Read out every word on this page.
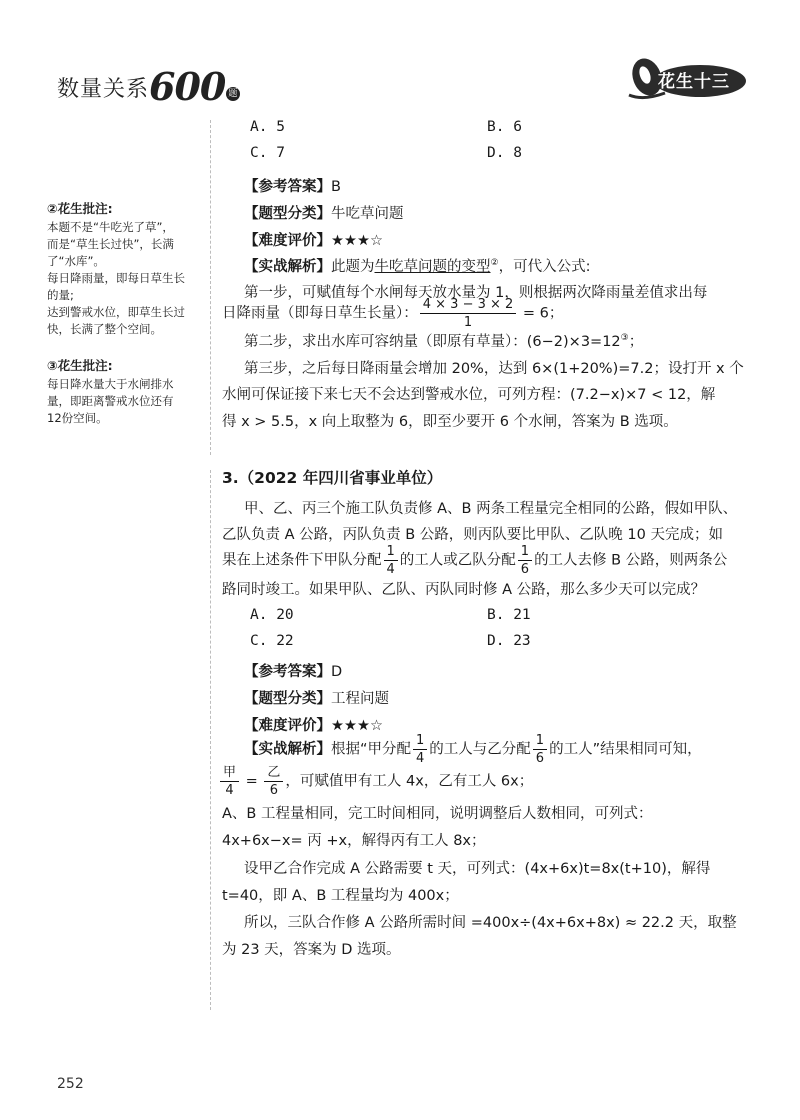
数量关系600 题
花生十三
②花生批注:
本题不是“牛吃光了草”，
而是“草生长过快”，长满
了“水库”。
每日降雨量，即每日草生长
的量;
达到警戒水位，即草生长过
快，长满了整个空间。
③花生批注:
每日降水量大于水闸排水
量，即距离警戒水位还有
12份空间。
A. 5	B. 6
C. 7	D. 8
【参考答案】B
【题型分类】牛吃草问题
【难度评价】★★★☆
【实战解析】此题为牛吃草问题的变型②，可代入公式:
第一步，可赋值每个水闸每天放水量为 1，则根据两次降雨量差值求出每
日降雨量（即每日草生长量）： $\frac{4 \times 3 - 3 \times 2}{1} = 6$；
第二步，求出水库可容纳量（即原有草量）：(6−2)×3=12③；
第三步，之后每日降雨量会增加 20%，达到 6×(1+20%)=7.2；设打开 x 个
水闸可保证接下来七天不会达到警戒水位，可列方程：(7.2−x)×7 < 12，解
得 x > 5.5，x 向上取整为 6，即至少要开 6 个水闸，答案为 B 选项。
3.（2022 年四川省事业单位）
甲、乙、丙三个施工队负责修 A、B 两条工程量完全相同的公路，假如甲队、
乙队负责 A 公路，丙队负责 B 公路，则丙队要比甲队、乙队晚 10 天完成；如
果在上述条件下甲队分配 $\frac{1}{4}$ 的工人或乙队分配 $\frac{1}{6}$ 的工人去修 B 公路，则两条公
路同时竣工。如果甲队、乙队、丙队同时修 A 公路，那么多少天可以完成？
A. 20	B. 21
C. 22	D. 23
【参考答案】D
【题型分类】工程问题
【难度评价】★★★☆
【实战解析】根据“甲分配 $\frac{1}{4}$ 的工人与乙分配 $\frac{1}{6}$ 的工人”结果相同可知，
$\frac{\text{甲}}{4} = \frac{\text{乙}}{6}$ ，可赋值甲有工人 4x，乙有工人 6x；
A、B 工程量相同，完工时间相同，说明调整后人数相同，可列式：
4x+6x−x= 丙 +x，解得丙有工人 8x；
设甲乙合作完成 A 公路需要 t 天，可列式：(4x+6x)t=8x(t+10)，解得
t=40，即 A、B 工程量均为 400x；
所以，三队合作修 A 公路所需时间 =400x÷(4x+6x+8x) ≈ 22.2 天，取整
为 23 天，答案为 D 选项。
252
